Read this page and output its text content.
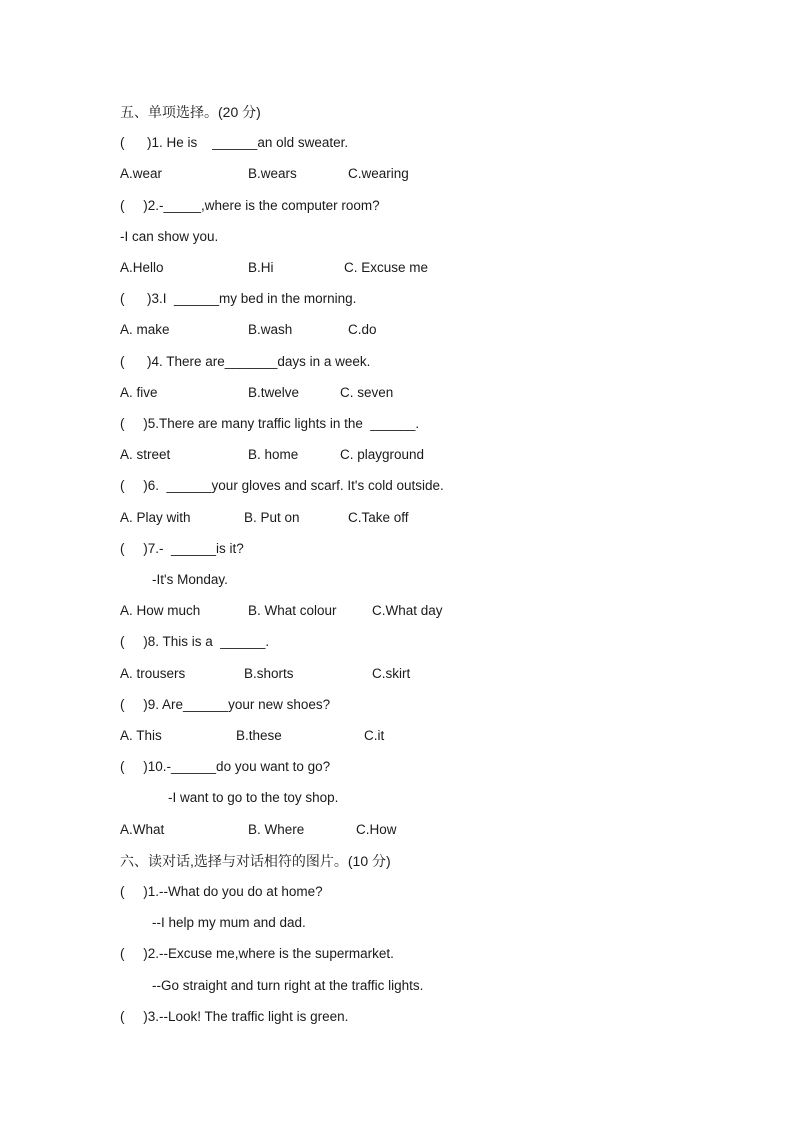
五、单项选择。(20 分)
(      )1. He is    ______an old sweater.
A.wear	B.wears	C.wearing
(     )2.-_____,where is the computer room?
-I can show you.
A.Hello	B.Hi	C. Excuse me
(      )3.I  ______my bed in the morning.
A. make	B.wash	C.do
(      )4. There are_______days in a week.
A. five	B.twelve	C. seven
(     )5.There are many traffic lights in the  ______.
A. street	B. home	C. playground
(     )6.  ______your gloves and scarf. It's cold outside.
A. Play with	B. Put on	C.Take off
(     )7.-  ______is it?
-It's Monday.
A. How much	B. What colour	C.What day
(     )8. This is a  ______.
A. trousers	B.shorts	C.skirt
(     )9. Are______your new shoes?
A. This	B.these	C.it
(     )10.-______do you want to go?
-I want to go to the toy shop.
A.What	B. Where	C.How
六、读对话,选择与对话相符的图片。(10 分)
(     )1.--What do you do at home?
--I help my mum and dad.
(     )2.--Excuse me,where is the supermarket.
--Go straight and turn right at the traffic lights.
(     )3.--Look! The traffic light is green.
